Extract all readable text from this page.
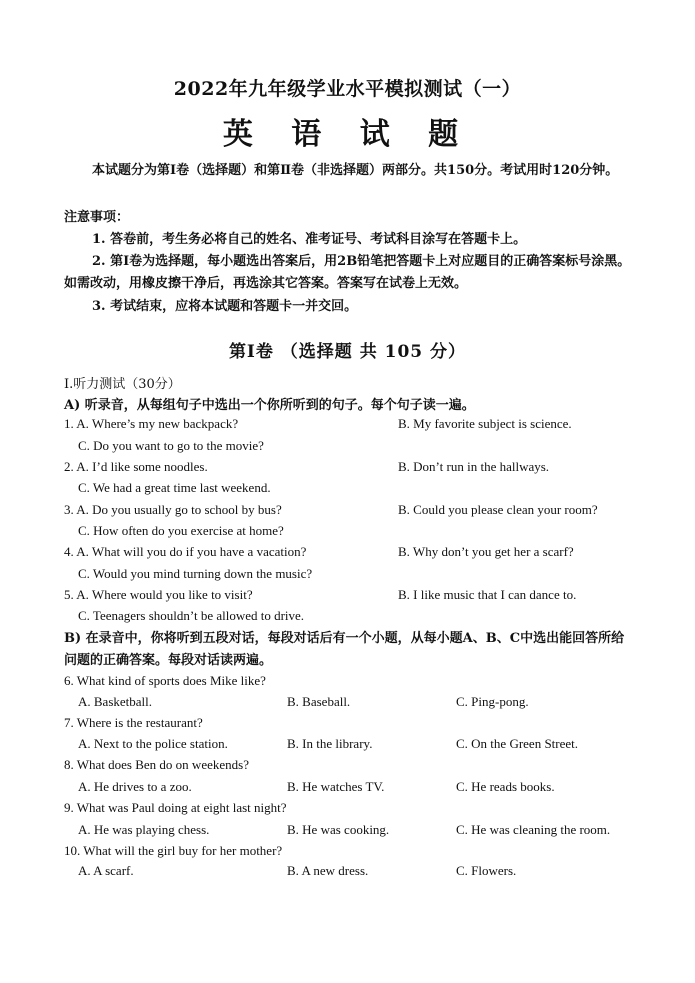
2022年九年级学业水平模拟测试（一）
英 语 试 题
本试题分为第Ⅰ卷（选择题）和第Ⅱ卷（非选择题）两部分。共150分。考试用时120分钟。
注意事项：
1. 答卷前，考生务必将自己的姓名、准考证号、考试科目涂写在答题卡上。
2. 第Ⅰ卷为选择题，每小题选出答案后，用2B铅笔把答题卡上对应题目的正确答案标号涂黑。如需改动，用橡皮擦干净后，再选涂其它答案。答案写在试卷上无效。
3. 考试结束，应将本试题和答题卡一并交回。
第Ⅰ卷 （选择题 共 105 分）
Ⅰ.听力测试（30分）
A) 听录音，从每组句子中选出一个你所听到的句子。每个句子读一遍。
1. A. Where’s my new backpack?	B. My favorite subject is science.
C. Do you want to go to the movie?
2. A. I’d like some noodles.	B. Don’t run in the hallways.
C. We had a great time last weekend.
3. A. Do you usually go to school by bus?	B. Could you please clean your room?
C. How often do you exercise at home?
4. A. What will you do if you have a vacation?	B. Why don’t you get her a scarf?
C. Would you mind turning down the music?
5. A. Where would you like to visit?	B. I like music that I can dance to.
C. Teenagers shouldn’t be allowed to drive.
B) 在录音中，你将听到五段对话，每段对话后有一个小题，从每小题A、B、C中选出能回答所给问题的正确答案。每段对话读两遍。
6. What kind of sports does Mike like?
A. Basketball.	B. Baseball.	C. Ping-pong.
7. Where is the restaurant?
A. Next to the police station.	B. In the library.	C. On the Green Street.
8. What does Ben do on weekends?
A. He drives to a zoo.	B. He watches TV.	C. He reads books.
9. What was Paul doing at eight last night?
A. He was playing chess.	B. He was cooking.	C. He was cleaning the room.
10. What will the girl buy for her mother?
A. A scarf.	B. A new dress.	C. Flowers.
